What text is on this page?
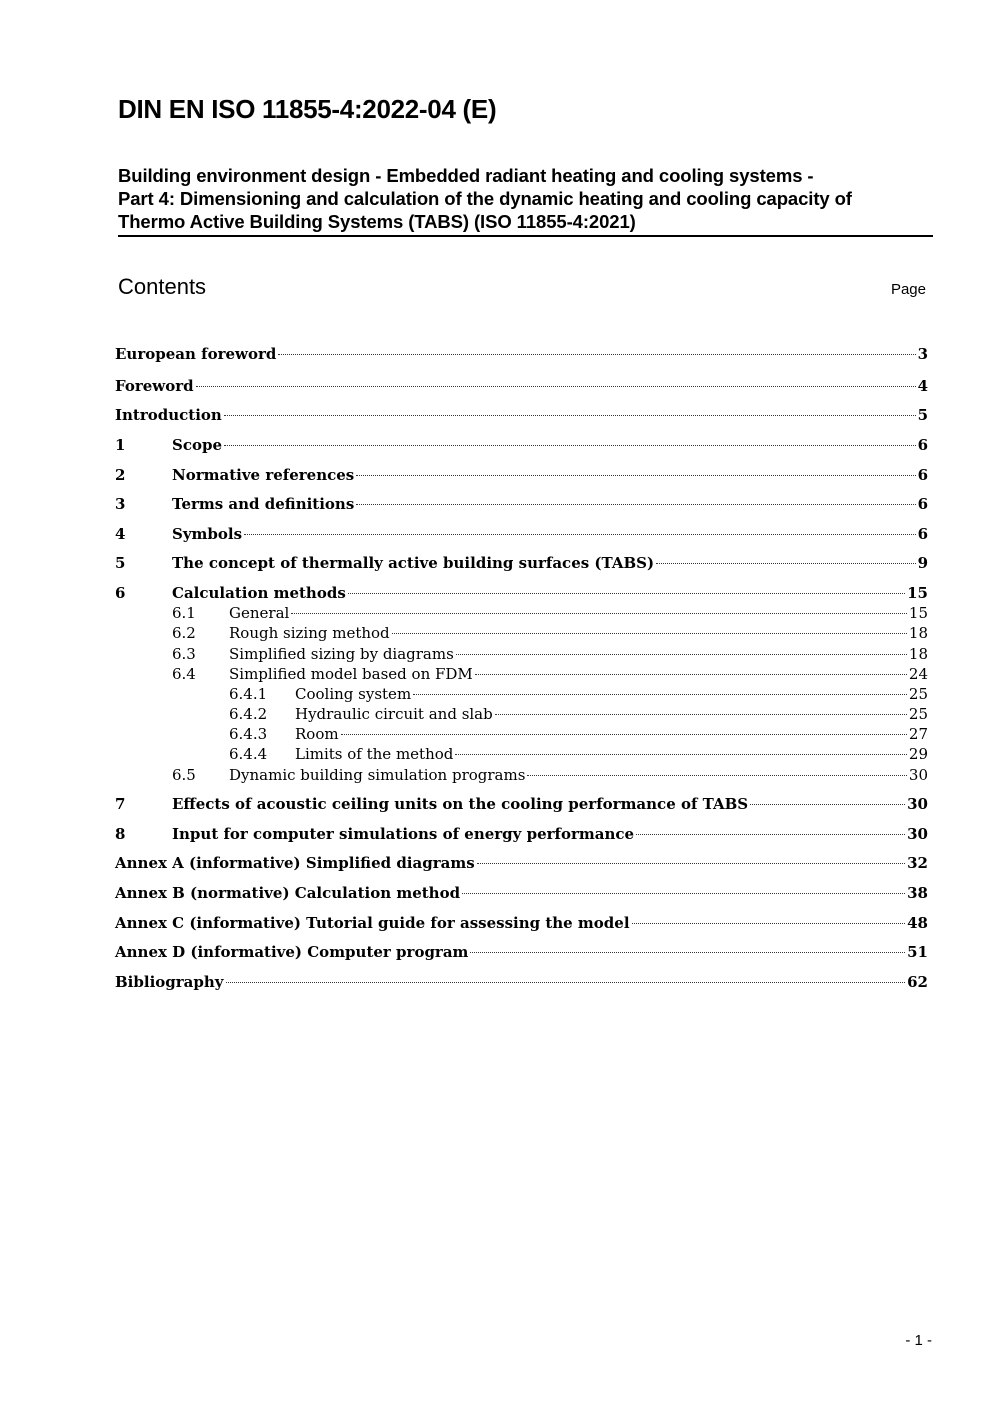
DIN EN ISO 11855-4:2022-04 (E)
Building environment design - Embedded radiant heating and cooling systems -
Part 4: Dimensioning and calculation of the dynamic heating and cooling capacity of
Thermo Active Building Systems (TABS) (ISO 11855-4:2021)
Contents	Page
European foreword	3
Foreword	4
Introduction	5
1	Scope	6
2	Normative references	6
3	Terms and definitions	6
4	Symbols	6
5	The concept of thermally active building surfaces (TABS)	9
6	Calculation methods	15
6.1 General	15
6.2 Rough sizing method	18
6.3 Simplified sizing by diagrams	18
6.4 Simplified model based on FDM	24
6.4.1 Cooling system	25
6.4.2 Hydraulic circuit and slab	25
6.4.3 Room	27
6.4.4 Limits of the method	29
6.5 Dynamic building simulation programs	30
7	Effects of acoustic ceiling units on the cooling performance of TABS	30
8	Input for computer simulations of energy performance	30
Annex A (informative) Simplified diagrams	32
Annex B (normative) Calculation method	38
Annex C (informative) Tutorial guide for assessing the model	48
Annex D (informative) Computer program	51
Bibliography	62
- 1 -
